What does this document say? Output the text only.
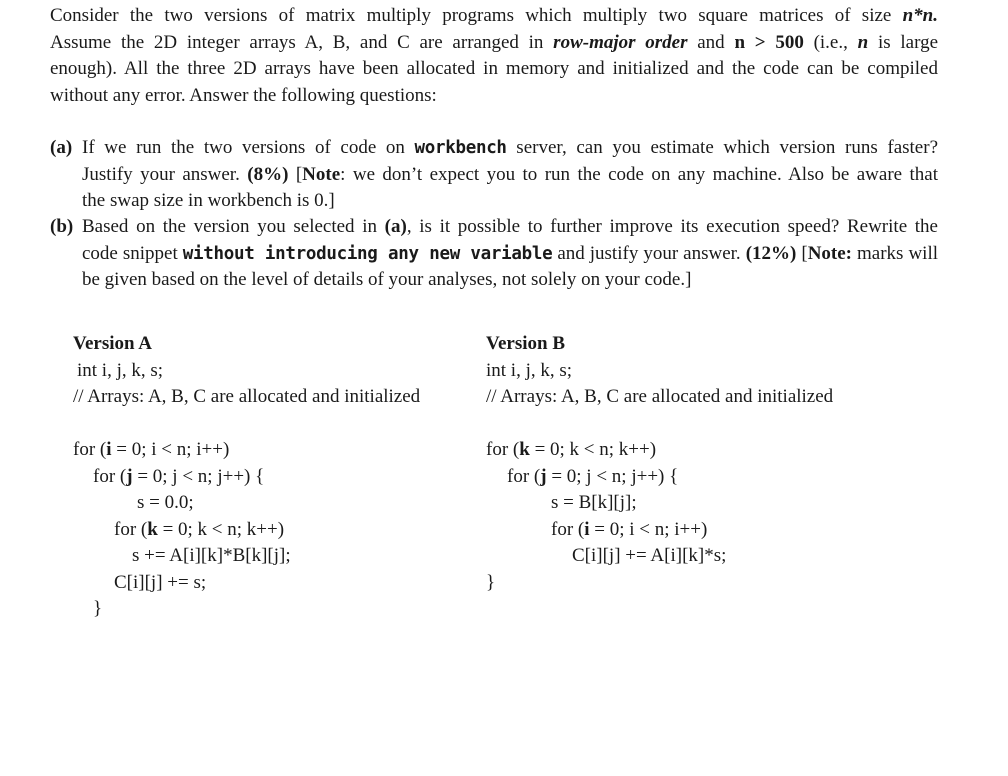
Consider the two versions of matrix multiply programs which multiply two square matrices of size n*n.
Assume the 2D integer arrays A, B, and C are arranged in row-major order and n > 500 (i.e., n is large
enough). All the three 2D arrays have been allocated in memory and initialized and the code can be compiled
without any error. Answer the following questions:
(a) If we run the two versions of code on workbench server, can you estimate which version runs faster?
Justify your answer. (8%) [Note: we don’t expect you to run the code on any machine. Also be aware that
the swap size in workbench is 0.]
(b) Based on the version you selected in (a), is it possible to further improve its execution speed? Rewrite the
code snippet without introducing any new variable and justify your answer. (12%) [Note: marks will
be given based on the level of details of your analyses, not solely on your code.]

Version A

int i, j, k, s;

// Arrays: A, B, C are allocated and initialized

for (i = 0; i < n; i++)

for (j = 0; j < n; j++) {

s = 0.0;

for (k = 0; k < n; k++)

s += A[i][k]*B[k][j];

C[i][j] += s;

}

Version B

int i, j, k, s;

// Arrays: A, B, C are allocated and initialized

for (k = 0; k < n; k++)

for (j = 0; j < n; j++) {

s = B[k][j];

for (i = 0; i < n; i++)

C[i][j] += A[i][k]*s;

}
